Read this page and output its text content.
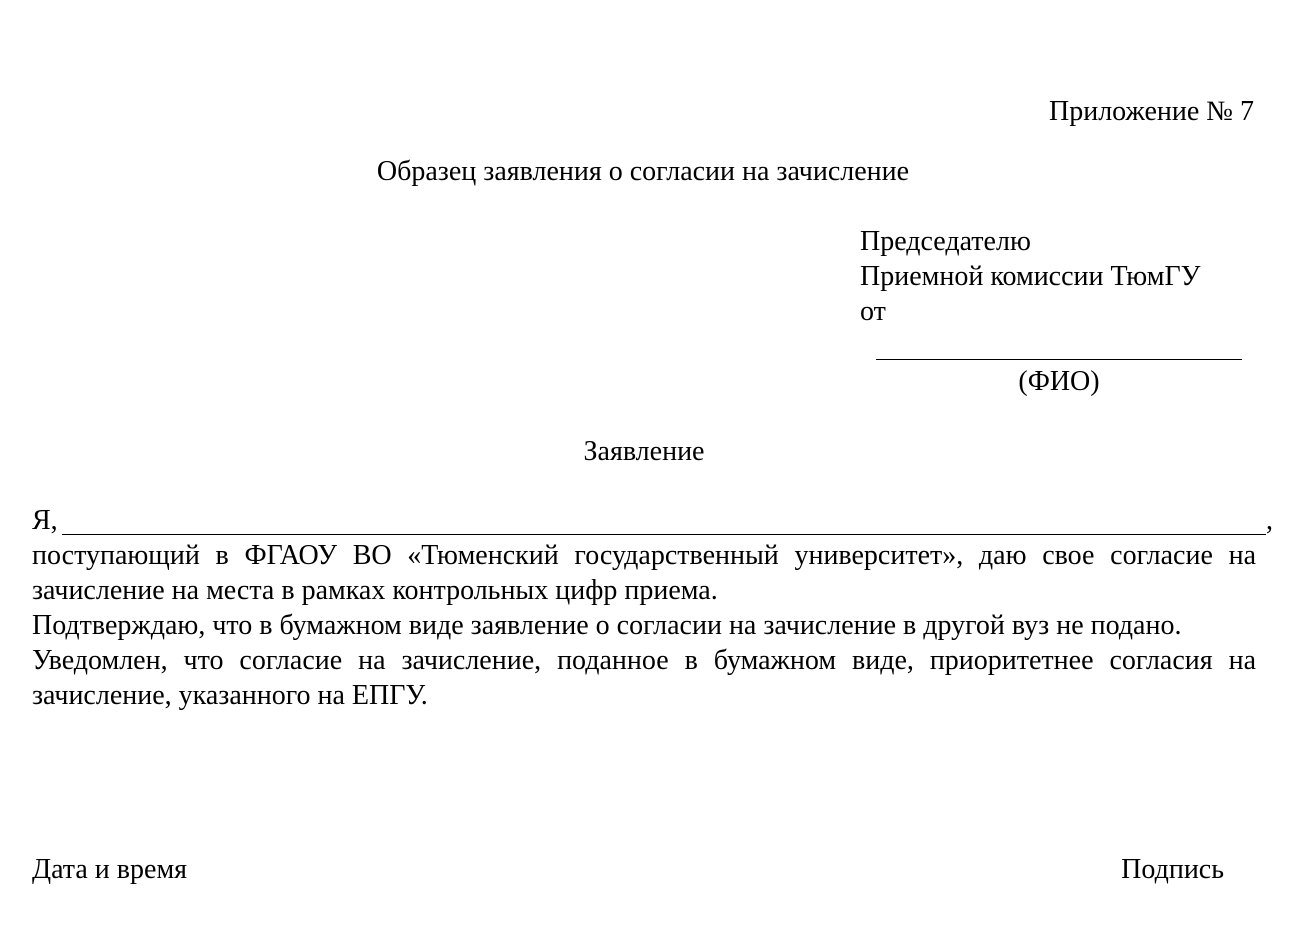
Приложение № 7
Образец заявления о согласии на зачисление
Председателю
Приемной комиссии ТюмГУ
от
(ФИО)
Заявление
Я,	,

поступающий в ФГАОУ ВО «Тюменский государственный университет», даю свое согласие на зачисление на места в рамках контрольных цифр приема.

Подтверждаю, что в бумажном виде заявление о согласии на зачисление в другой вуз не подано.

Уведомлен, что согласие на зачисление, поданное в бумажном виде, приоритетнее согласия на зачисление, указанного на ЕПГУ.

Дата и время	Подпись
